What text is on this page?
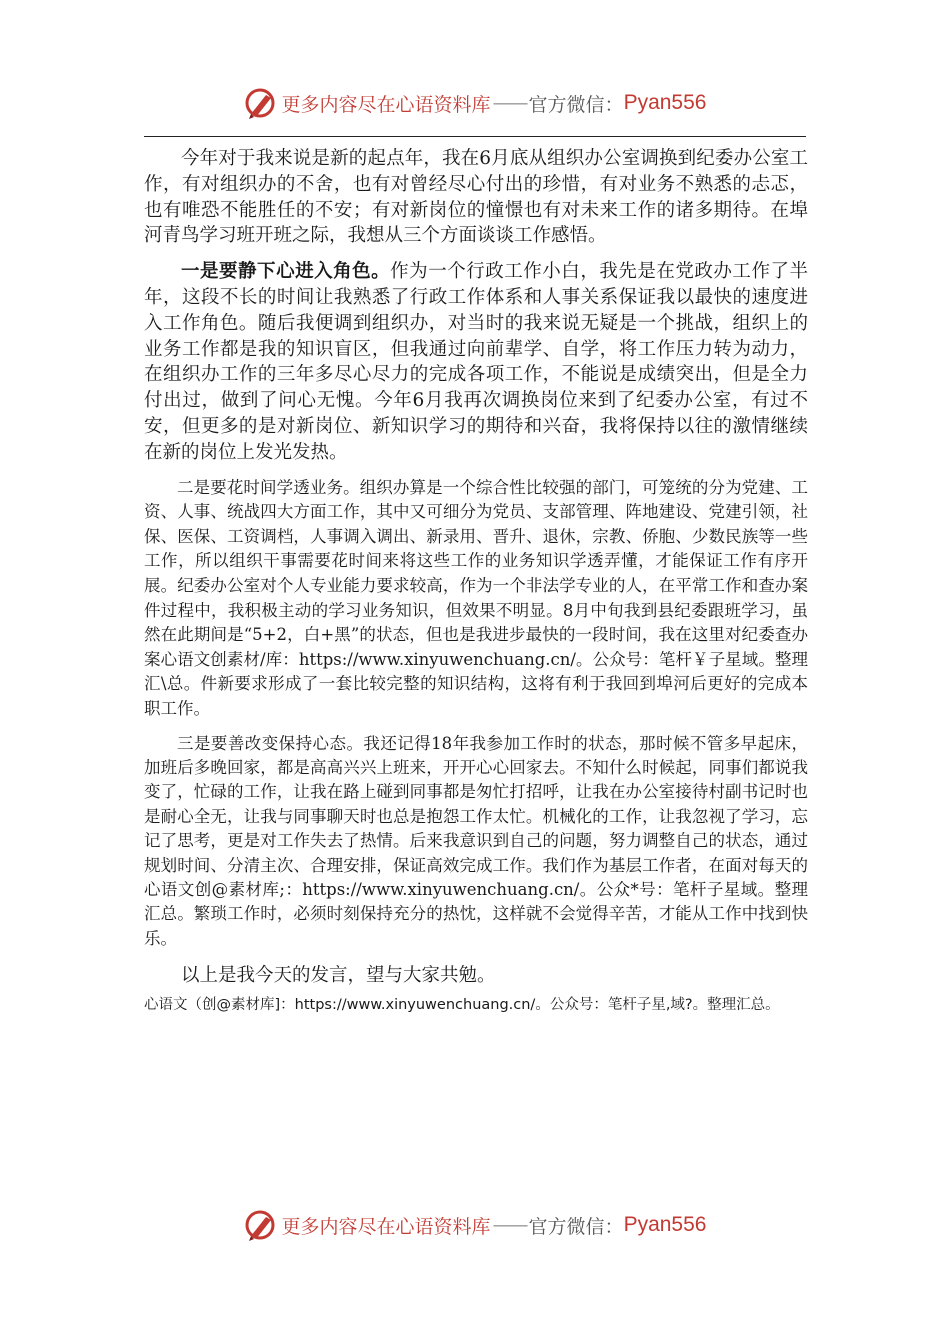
更多内容尽在心语资料库 —— 官方微信： Pyan556

今年对于我来说是新的起点年，我在6月底从组织办公室调换到纪委办公室工作，有对组织办的不舍，也有对曾经尽心付出的珍惜，有对业务不熟悉的忐忑，也有唯恐不能胜任的不安；有对新岗位的憧憬也有对未来工作的诸多期待。在埠河青鸟学习班开班之际，我想从三个方面谈谈工作感悟。

一是要静下心进入角色。作为一个行政工作小白，我先是在党政办工作了半年，这段不长的时间让我熟悉了行政工作体系和人事关系保证我以最快的速度进入工作角色。随后我便调到组织办，对当时的我来说无疑是一个挑战，组织上的业务工作都是我的知识盲区，但我通过向前辈学、自学，将工作压力转为动力，在组织办工作的三年多尽心尽力的完成各项工作，不能说是成绩突出，但是全力付出过，做到了问心无愧。今年6月我再次调换岗位来到了纪委办公室，有过不安，但更多的是对新岗位、新知识学习的期待和兴奋，我将保持以往的激情继续在新的岗位上发光发热。

二是要花时间学透业务。组织办算是一个综合性比较强的部门，可笼统的分为党建、工资、人事、统战四大方面工作，其中又可细分为党员、支部管理、阵地建设、党建引领，社保、医保、工资调档，人事调入调出、新录用、晋升、退休，宗教、侨胞、少数民族等一些工作，所以组织干事需要花时间来将这些工作的业务知识学透弄懂，才能保证工作有序开展。纪委办公室对个人专业能力要求较高，作为一个非法学专业的人，在平常工作和查办案件过程中，我积极主动的学习业务知识，但效果不明显。8月中旬我到县纪委跟班学习，虽然在此期间是“5+2，白+黑”的状态，但也是我进步最快的一段时间，我在这里对纪委查办案心语文创素材/库：https://www.xinyuwenchuang.cn/。公众号：笔杆￥子星域。整理汇\总。件新要求形成了一套比较完整的知识结构，这将有利于我回到埠河后更好的完成本职工作。

三是要善改变保持心态。我还记得18年我参加工作时的状态，那时候不管多早起床，加班后多晚回家，都是高高兴兴上班来，开开心心回家去。不知什么时候起，同事们都说我变了，忙碌的工作，让我在路上碰到同事都是匆忙打招呼，让我在办公室接待村副书记时也是耐心全无，让我与同事聊天时也总是抱怨工作太忙。机械化的工作，让我忽视了学习，忘记了思考，更是对工作失去了热情。后来我意识到自己的问题，努力调整自己的状态，通过规划时间、分清主次、合理安排，保证高效完成工作。我们作为基层工作者，在面对每天的心语文创@素材库;：https://www.xinyuwenchuang.cn/。公众*号：笔杆子星域。整理汇总。繁琐工作时，必须时刻保持充分的热忱，这样就不会觉得辛苦，才能从工作中找到快乐。

以上是我今天的发言，望与大家共勉。

心语文（创@素材库]：https://www.xinyuwenchuang.cn/。公众号：笔杆子星,域?。整理汇总。

更多内容尽在心语资料库 —— 官方微信： Pyan556
